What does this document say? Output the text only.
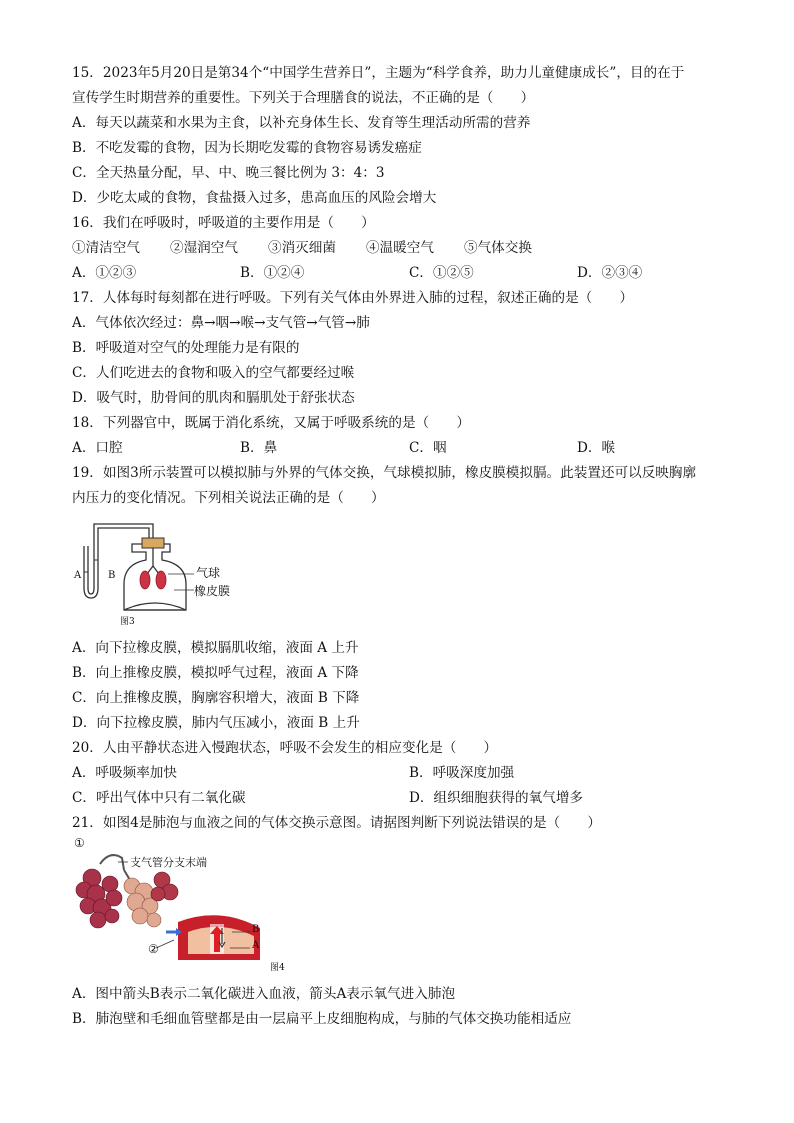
15．2023年5月20日是第34个“中国学生营养日”，主题为“科学食养，助力儿童健康成长”，目的在于
宣传学生时期营养的重要性。下列关于合理膳食的说法，不正确的是（　　）
A．每天以蔬菜和水果为主食，以补充身体生长、发育等生理活动所需的营养
B．不吃发霉的食物，因为长期吃发霉的食物容易诱发癌症
C．全天热量分配，早、中、晚三餐比例为 3：4：3
D．少吃太咸的食物，食盐摄入过多，患高血压的风险会增大
16．我们在呼吸时，呼吸道的主要作用是（　　）
①清洁空气 ②湿润空气 ③消灭细菌 ④温暖空气 ⑤气体交换
A．①②③	B．①②④	C．①②⑤	D．②③④
17．人体每时每刻都在进行呼吸。下列有关气体由外界进入肺的过程，叙述正确的是（　　）
A．气体依次经过：鼻→咽→喉→支气管→气管→肺
B．呼吸道对空气的处理能力是有限的
C．人们吃进去的食物和吸入的空气都要经过喉
D．吸气时，肋骨间的肌肉和膈肌处于舒张状态
18．下列器官中，既属于消化系统，又属于呼吸系统的是（　　）
A．口腔	B．鼻	C．咽	D．喉
19．如图3所示装置可以模拟肺与外界的气体交换，气球模拟肺，橡皮膜模拟膈。此装置还可以反映胸廓
内压力的变化情况。下列相关说法正确的是（　　）
A	B	气球
橡皮膜
图3
A．向下拉橡皮膜，模拟膈肌收缩，液面 A 上升
B．向上推橡皮膜，模拟呼气过程，液面 A 下降
C．向上推橡皮膜，胸廓容积增大，液面 B 下降
D．向下拉橡皮膜，肺内气压减小，液面 B 上升
20．人由平静状态进入慢跑状态，呼吸不会发生的相应变化是（　　）
A．呼吸频率加快	B．呼吸深度加强
C．呼出气体中只有二氧化碳	D．组织细胞获得的氧气增多
21．如图4是肺泡与血液之间的气体交换示意图。请据图判断下列说法错误的是（　　）
①
支气管分支末端
②
B
A
图4
A．图中箭头B表示二氧化碳进入血液，箭头A表示氧气进入肺泡
B．肺泡壁和毛细血管壁都是由一层扁平上皮细胞构成，与肺的气体交换功能相适应
